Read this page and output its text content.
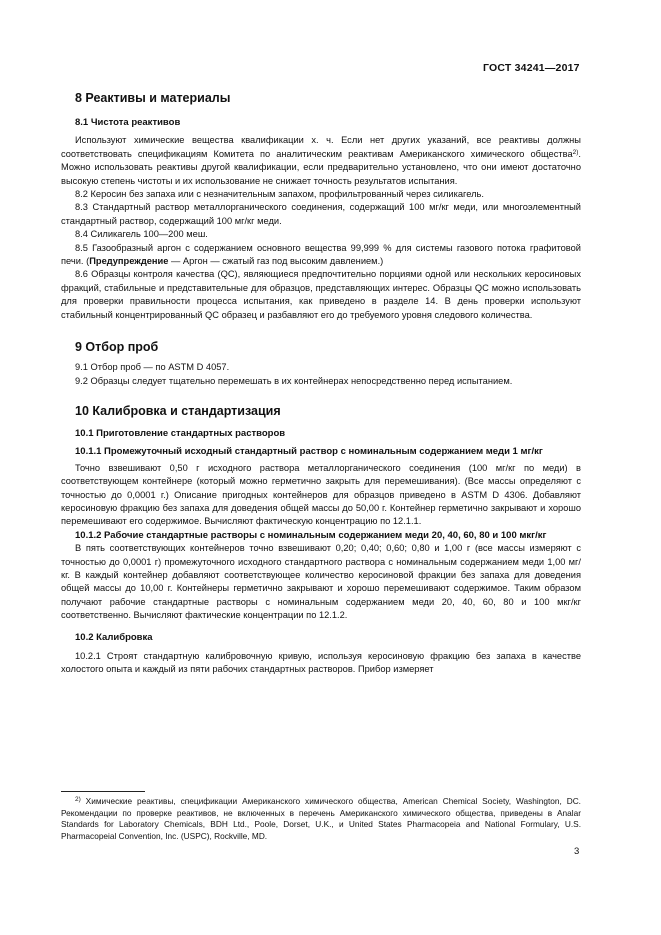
ГОСТ 34241—2017
8 Реактивы и материалы
8.1 Чистота реактивов

Используют химические вещества квалификации х. ч. Если нет других указаний, все реактивы должны соответствовать спецификациям Комитета по аналитическим реактивам Американского химического общества$^{2)}$. Можно использовать реактивы другой квалификации, если предварительно установлено, что они имеют достаточно высокую степень чистоты и их использование не снижает точность результатов испытания.

8.2 Керосин без запаха или с незначительным запахом, профильтрованный через силикагель.

8.3 Стандартный раствор металлорганического соединения, содержащий 100 мг/кг меди, или многоэлементный стандартный раствор, содержащий 100 мг/кг меди.

8.4 Силикагель 100—200 меш.

8.5 Газообразный аргон с содержанием основного вещества 99,999 % для системы газового потока графитовой печи. (Предупреждение — Аргон — сжатый газ под высоким давлением.)

8.6 Образцы контроля качества (QC), являющиеся предпочтительно порциями одной или нескольких керосиновых фракций, стабильные и представительные для образцов, представляющих интерес. Образцы QC можно использовать для проверки правильности процесса испытания, как приведено в разделе 14. В день проверки используют стабильный концентрированный QC образец и разбавляют его до требуемого уровня следового количества.

9 Отбор проб

9.1 Отбор проб — по ASTM D 4057.

9.2 Образцы следует тщательно перемешать в их контейнерах непосредственно перед испытанием.

10 Калибровка и стандартизация
10.1 Приготовление стандартных растворов

10.1.1 Промежуточный исходный стандартный раствор с номинальным содержанием меди 1 мг/кг

Точно взвешивают 0,50 г исходного раствора металлорганического соединения (100 мг/кг по меди) в соответствующем контейнере (который можно герметично закрыть для перемешивания). (Все массы определяют с точностью до 0,0001 г.) Описание пригодных контейнеров для образцов приведено в ASTM D 4306. Добавляют керосиновую фракцию без запаха для доведения общей массы до 50,00 г. Контейнер герметично закрывают и хорошо перемешивают его содержимое. Вычисляют фактическую концентрацию по 12.1.1.

10.1.2 Рабочие стандартные растворы с номинальным содержанием меди 20, 40, 60, 80 и 100 мкг/кг

В пять соответствующих контейнеров точно взвешивают 0,20; 0,40; 0,60; 0,80 и 1,00 г (все массы измеряют с точностью до 0,0001 г) промежуточного исходного стандартного раствора с номинальным содержанием меди 1,00 мг/кг. В каждый контейнер добавляют соответствующее количество керосиновой фракции без запаха для доведения общей массы до 10,00 г. Контейнеры герметично закрывают и хорошо перемешивают содержимое. Таким образом получают рабочие стандартные растворы с номинальным содержанием меди 20, 40, 60, 80 и 100 мкг/кг соответственно. Вычисляют фактические концентрации по 12.1.2.

10.2 Калибровка

10.2.1 Строят стандартную калибровочную кривую, используя керосиновую фракцию без запаха в качестве холостого опыта и каждый из пяти рабочих стандартных растворов. Прибор измеряет

$^{2)}$ Химические реактивы, спецификации Американского химического общества, American Chemical Society, Washington, DC. Рекомендации по проверке реактивов, не включенных в перечень Американского химического общества, приведены в Analar Standards for Laboratory Chemicals, BDH Ltd., Poole, Dorset, U.K., и United States Pharmacopeia and National Formulary, U.S. Pharmacopeial Convention, Inc. (USPC), Rockville, MD.

3
